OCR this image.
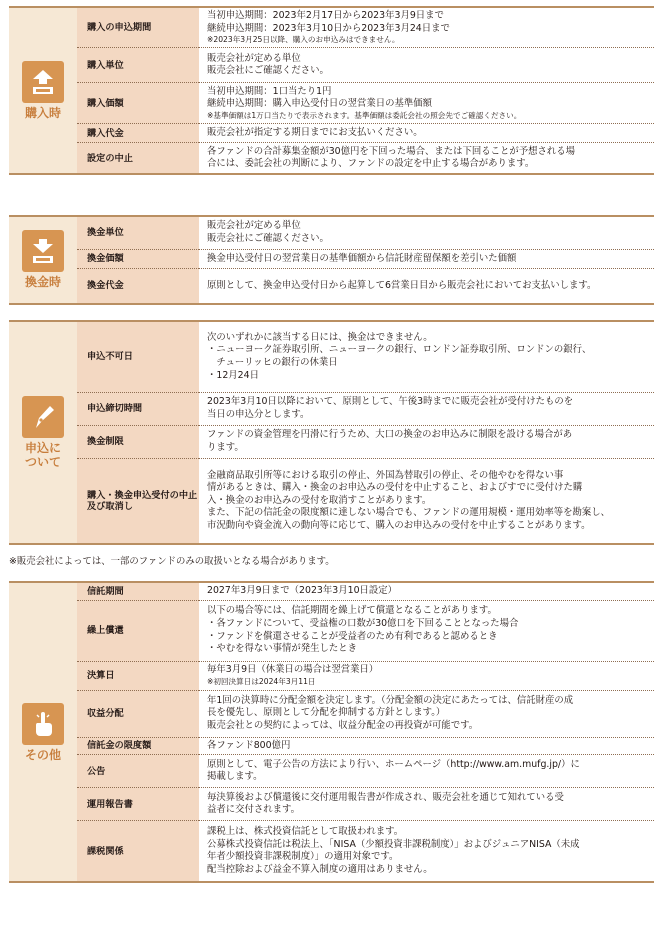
購入時	購入の申込期間	当初申込期間：2023年2月17日から2023年3月9日まで
継続申込期間：2023年3月10日から2023年3月24日まで
※2023年3月25日以降、購入のお申込みはできません。

	購入単位	販売会社が定める単位
販売会社にご確認ください。

	購入価額	当初申込期間：1口当たり1円
継続申込期間：購入申込受付日の翌営業日の基準価額
※基準価額は1万口当たりで表示されます。基準価額は委託会社の照会先でご確認ください。

	購入代金	販売会社が指定する期日までにお支払いください。

	設定の中止	各ファンドの合計募集金額が30億円を下回った場合、または下回ることが予想される場
合には、委託会社の判断により、ファンドの設定を中止する場合があります。
換金時	換金単位	販売会社が定める単位
販売会社にご確認ください。

	換金価額	換金申込受付日の翌営業日の基準価額から信託財産留保額を差引いた価額

	換金代金	原則として、換金申込受付日から起算して6営業日目から販売会社においてお支払いします。
申込に
ついて	申込不可日	次のいずれかに該当する日には、換金はできません。
・ニューヨーク証券取引所、ニューヨークの銀行、ロンドン証券取引所、ロンドンの銀行、
　チューリッヒの銀行の休業日
・12月24日

	申込締切時間	2023年3月10日以降において、原則として、午後3時までに販売会社が受付けたものを
当日の申込分とします。

	換金制限	ファンドの資金管理を円滑に行うため、大口の換金のお申込みに制限を設ける場合があ
ります。

	購入・換金申込受付の中止及び取消し	金融商品取引所等における取引の停止、外国為替取引の停止、その他やむを得ない事
情があるときは、購入・換金のお申込みの受付を中止すること、およびすでに受付けた購
入・換金のお申込みの受付を取消すことがあります。
また、下記の信託金の限度額に達しない場合でも、ファンドの運用規模・運用効率等を勘案し、
市況動向や資金流入の動向等に応じて、購入のお申込みの受付を中止することがあります。
※販売会社によっては、一部のファンドのみの取扱いとなる場合があります。
その他	信託期間	2027年3月9日まで（2023年3月10日設定）

	繰上償還	以下の場合等には、信託期間を繰上げて償還となることがあります。
・各ファンドについて、受益権の口数が30億口を下回ることとなった場合
・ファンドを償還させることが受益者のため有利であると認めるとき
・やむを得ない事情が発生したとき

	決算日	毎年3月9日（休業日の場合は翌営業日）
※初回決算日は2024年3月11日

	収益分配	年1回の決算時に分配金額を決定します。（分配金額の決定にあたっては、信託財産の成
長を優先し、原則として分配を抑制する方針とします。）
販売会社との契約によっては、収益分配金の再投資が可能です。

	信託金の限度額	各ファンド800億円

	公告	原則として、電子公告の方法により行い、ホームページ（http://www.am.mufg.jp/）に
掲載します。

	運用報告書	毎決算後および償還後に交付運用報告書が作成され、販売会社を通じて知れている受
益者に交付されます。

	課税関係	課税上は、株式投資信託として取扱われます。
公募株式投資信託は税法上、「NISA（少額投資非課税制度）」およびジュニアNISA（未成
年者少額投資非課税制度）」の適用対象です。
配当控除および益金不算入制度の適用はありません。
